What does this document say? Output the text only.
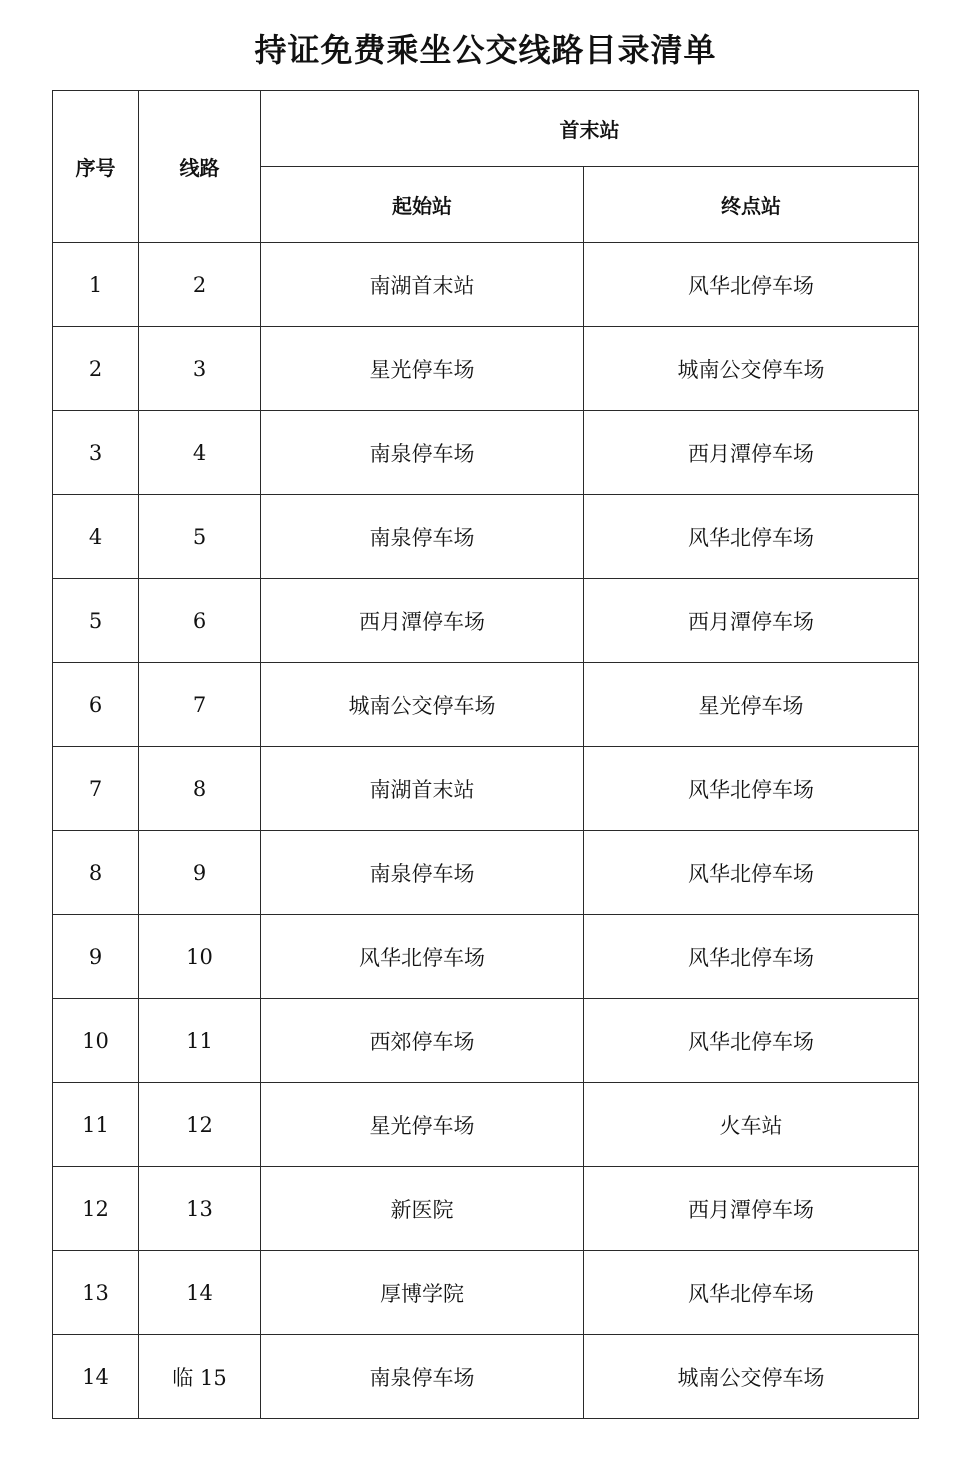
持证免费乘坐公交线路目录清单
序号	线路	首末站	
		起始站	终点站
1	2	南湖首末站	风华北停车场
2	3	星光停车场	城南公交停车场
3	4	南泉停车场	西月潭停车场
4	5	南泉停车场	风华北停车场
5	6	西月潭停车场	西月潭停车场
6	7	城南公交停车场	星光停车场
7	8	南湖首末站	风华北停车场
8	9	南泉停车场	风华北停车场
9	10	风华北停车场	风华北停车场
10	11	西郊停车场	风华北停车场
11	12	星光停车场	火车站
12	13	新医院	西月潭停车场
13	14	厚博学院	风华北停车场
14	临 15	南泉停车场	城南公交停车场
